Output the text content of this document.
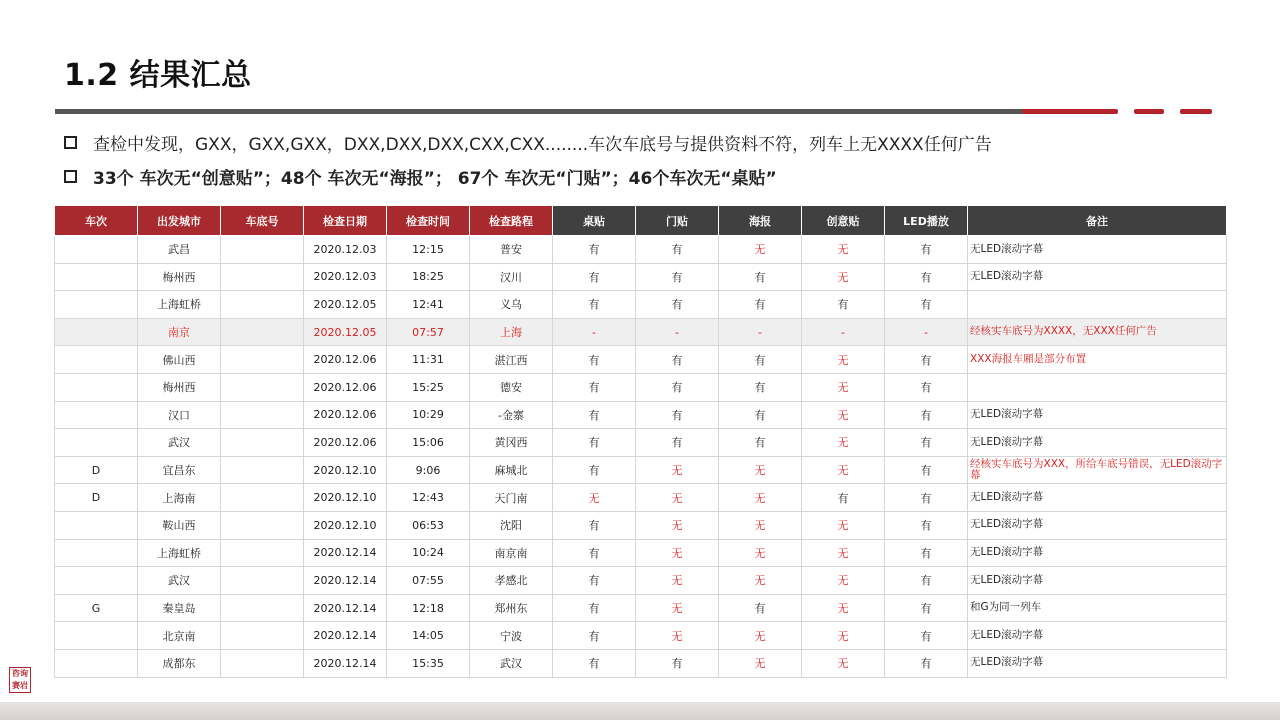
1.2 结果汇总
查检中发现，GXX，GXX,GXX，DXX,DXX,DXX,CXX,CXX........车次车底号与提供资料不符，列车上无XXXX任何广告
33个 车次无“创意贴”；48个 车次无“海报”； 67个 车次无“门贴”；46个车次无“桌贴”
车次	出发城市	车底号	检查日期	检查时间	检查路程	桌贴	门贴	海报	创意贴	LED播放	备注
	武昌		2020.12.03	12:15	普安	有	有	无	无	有	无LED滚动字幕
	梅州西		2020.12.03	18:25	汉川	有	有	有	无	有	无LED滚动字幕
	上海虹桥		2020.12.05	12:41	义乌	有	有	有	有	有	
	南京		2020.12.05	07:57	上海	-	-	-	-	-	经核实车底号为XXXX，无XXX任何广告
	佛山西		2020.12.06	11:31	湛江西	有	有	有	无	有	XXX海报车厢是部分布置
	梅州西		2020.12.06	15:25	德安	有	有	有	无	有	
	汉口		2020.12.06	10:29	-金寨	有	有	有	无	有	无LED滚动字幕
	武汉		2020.12.06	15:06	黄冈西	有	有	有	无	有	无LED滚动字幕
D	宜昌东		2020.12.10	9:06	麻城北	有	无	无	无	有	经核实车底号为XXX，所给车底号错误，无LED滚动字幕
D	上海南		2020.12.10	12:43	天门南	无	无	无	有	有	无LED滚动字幕
	鞍山西		2020.12.10	06:53	沈阳	有	无	无	无	有	无LED滚动字幕
	上海虹桥		2020.12.14	10:24	南京南	有	无	无	无	有	无LED滚动字幕
	武汉		2020.12.14	07:55	孝感北	有	无	无	无	有	无LED滚动字幕
G	秦皇岛		2020.12.14	12:18	郑州东	有	无	有	无	有	和G为同一列车
	北京南		2020.12.14	14:05	宁波	有	无	无	无	有	无LED滚动字幕
	成都东		2020.12.14	15:35	武汉	有	有	无	无	有	无LED滚动字幕
咨询
赛岩
